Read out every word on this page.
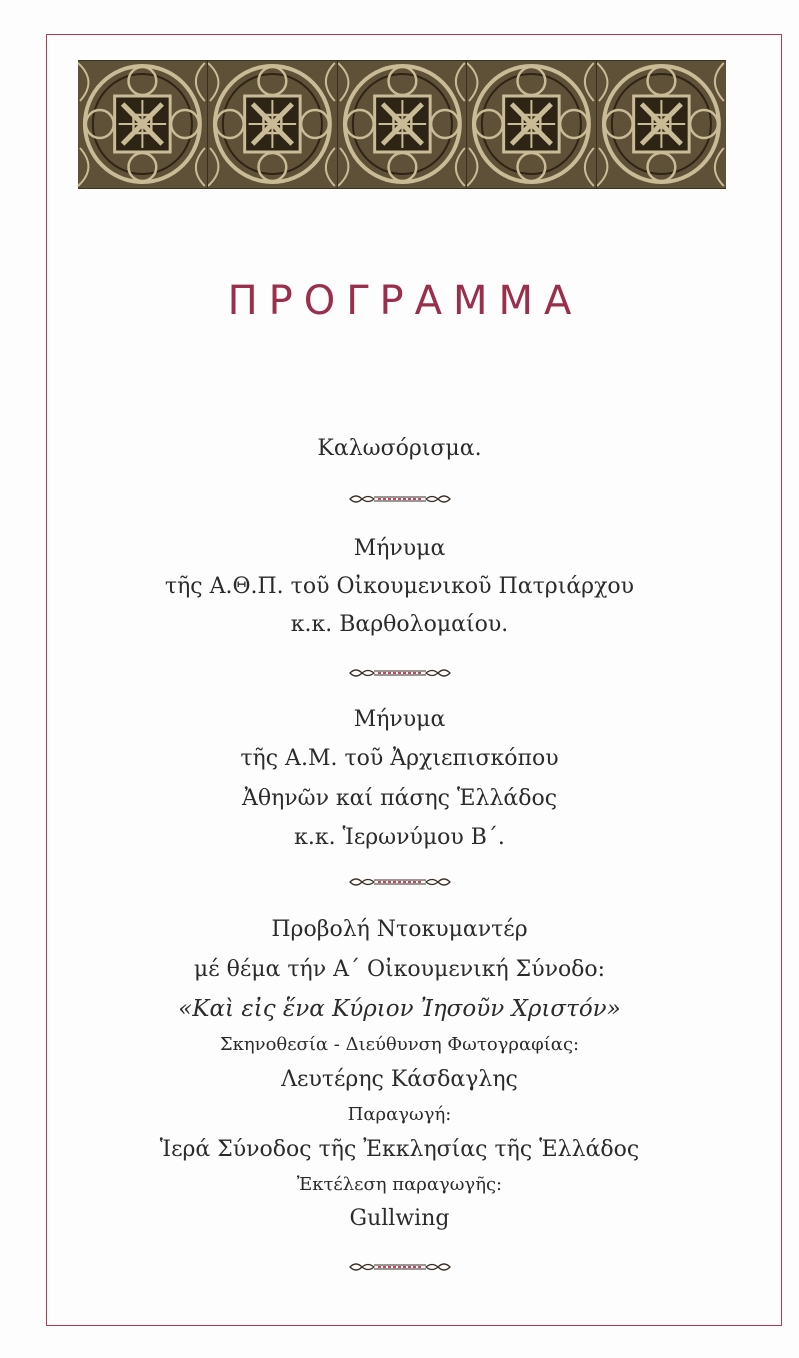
ΠΡΟΓΡΑΜΜΑ
Καλωσόρισμα.
Μήνυμα
τῆς Α.Θ.Π. τοῦ Οἰκουμενικοῦ Πατριάρχου
κ.κ. Βαρθολομαίου.
Μήνυμα
τῆς Α.Μ. τοῦ Ἀρχιεπισκόπου
Ἀθηνῶν καί πάσης Ἑλλάδος
κ.κ. Ἱερωνύμου Β΄.
Προβολή Ντοκυμαντέρ
μέ θέμα τήν Α΄ Οἰκουμενική Σύνοδο:
«Καὶ εἰς ἕνα Κύριον Ἰησοῦν Χριστόν»
Σκηνοθεσία - Διεύθυνση Φωτογραφίας:
Λευτέρης Κάσδαγλης
Παραγωγή:
Ἱερά Σύνοδος τῆς Ἐκκλησίας τῆς Ἑλλάδος
Ἐκτέλεση παραγωγῆς:
Gullwing
